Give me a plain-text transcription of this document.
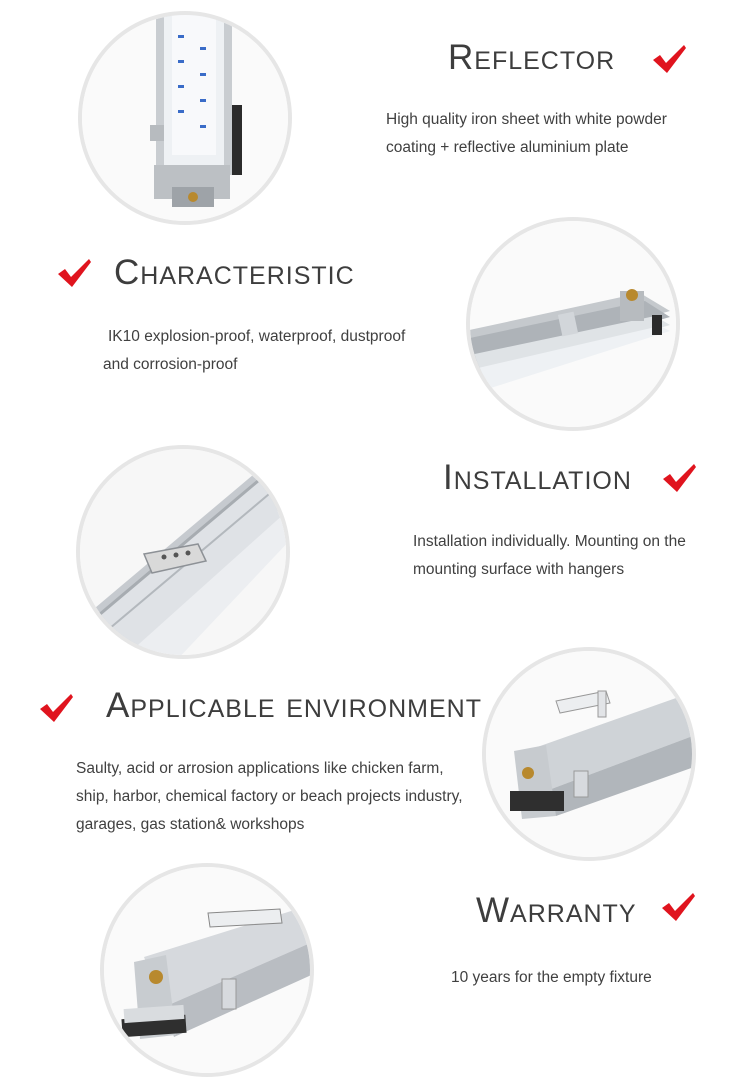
Reflector
High quality iron sheet with white powder
coating + reflective aluminium plate
Characteristic
IK10 explosion-proof, waterproof, dustproof
and corrosion-proof
Installation
Installation individually. Mounting on the
mounting surface with hangers
Applicable environment
Saulty, acid or arrosion applications like chicken farm,
ship, harbor, chemical factory or beach projects industry,
garages, gas station& workshops
Warranty
10 years for the empty fixture
